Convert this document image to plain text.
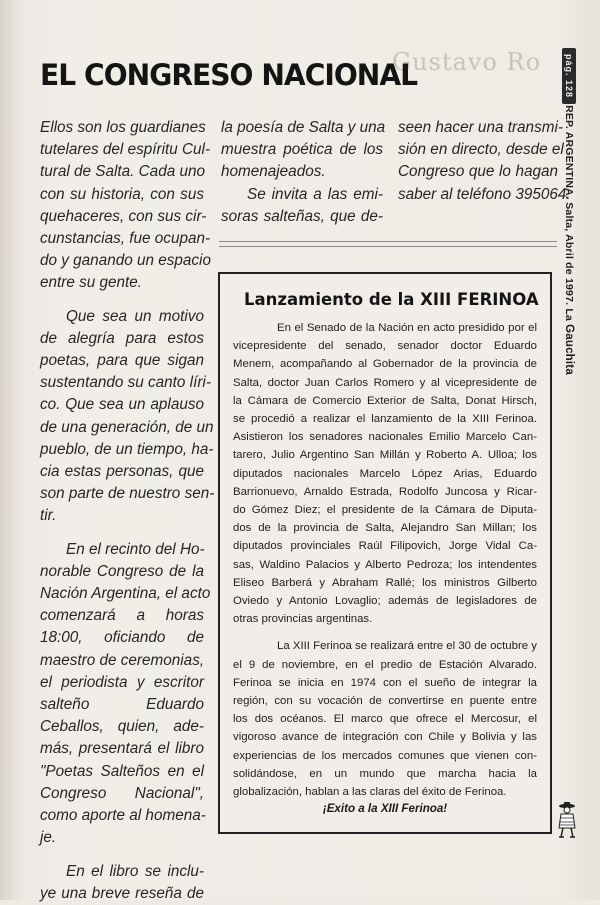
Gustavo Ro
EL CONGRESO NACIONAL

Ellos son los guardianes

tutelares del espíritu Cul-

tural de Salta. Cada uno

con su historia, con sus

quehaceres, con sus cir-

cunstancias, fue ocupan-

do y ganando un espacio

entre su gente.

Que sea un motivo

de alegría para estos

poetas, para que sigan

sustentando su canto líri-

co. Que sea un aplauso

de una generación, de un

pueblo, de un tiempo, ha-

cia estas personas, que

son parte de nuestro sen-

tir.

En el recinto del Ho-

norable Congreso de la

Nación Argentina, el acto

comenzará a horas

18:00, oficiando de

maestro de ceremonias,

el periodista y escritor

salteño Eduardo

Ceballos, quien, ade-

más, presentará el libro

"Poetas Salteños en el

Congreso Nacional",

como aporte al homena-

je.

En el libro se inclu-

ye una breve reseña de

la poesía de Salta y una

muestra poética de los

homenajeados.

Se invita a las emi-

soras salteñas, que de-

seen hacer una transmi-

sión en directo, desde el

Congreso que lo hagan

saber al teléfono 395064.

Lanzamiento de la XIII FERINOA

En el Senado de la Nación en acto presidido por el

vicepresidente del senado, senador doctor Eduardo

Menem, acompañando al Gobernador de la provincia de

Salta, doctor Juan Carlos Romero y al vicepresidente de

la Cámara de Comercio Exterior de Salta, Donat Hirsch,

se procedió a realizar el lanzamiento de la XIII Ferinoa.

Asistieron los senadores nacionales Emilio Marcelo Can-

tarero, Julio Argentino San Millán y Roberto A. Ulloa; los

diputados nacionales Marcelo López Arias, Eduardo

Barrionuevo, Arnaldo Estrada, Rodolfo Juncosa y Ricar-

do Gómez Diez; el presidente de la Cámara de Diputa-

dos de la provincia de Salta, Alejandro San Millan; los

diputados provinciales Raúl Filipovich, Jorge Vidal Ca-

sas, Waldino Palacios y Alberto Pedroza; los intendentes

Eliseo Barberá y Abraham Rallé; los ministros Gilberto

Oviedo y Antonio Lovaglio; además de legisladores de

otras provincias argentinas.

La XIII Ferinoa se realizará entre el 30 de octubre y

el 9 de noviembre, en el predio de Estación Alvarado.

Ferinoa se inicia en 1974 con el sueño de integrar la

región, con su vocación de convertirse en puente entre

los dos océanos. El marco que ofrece el Mercosur, el

vigoroso avance de integración con Chile y Bolivia y las

experiencias de los mercados comunes que vienen con-

solidándose, en un mundo que marcha hacia la

globalización, hablan a las claras del éxito de Ferinoa.

¡Exito a la XIII Ferinoa!
pág. 128
REP. ARGENTINA. Salta, Abril de 1997. La Gauchita
